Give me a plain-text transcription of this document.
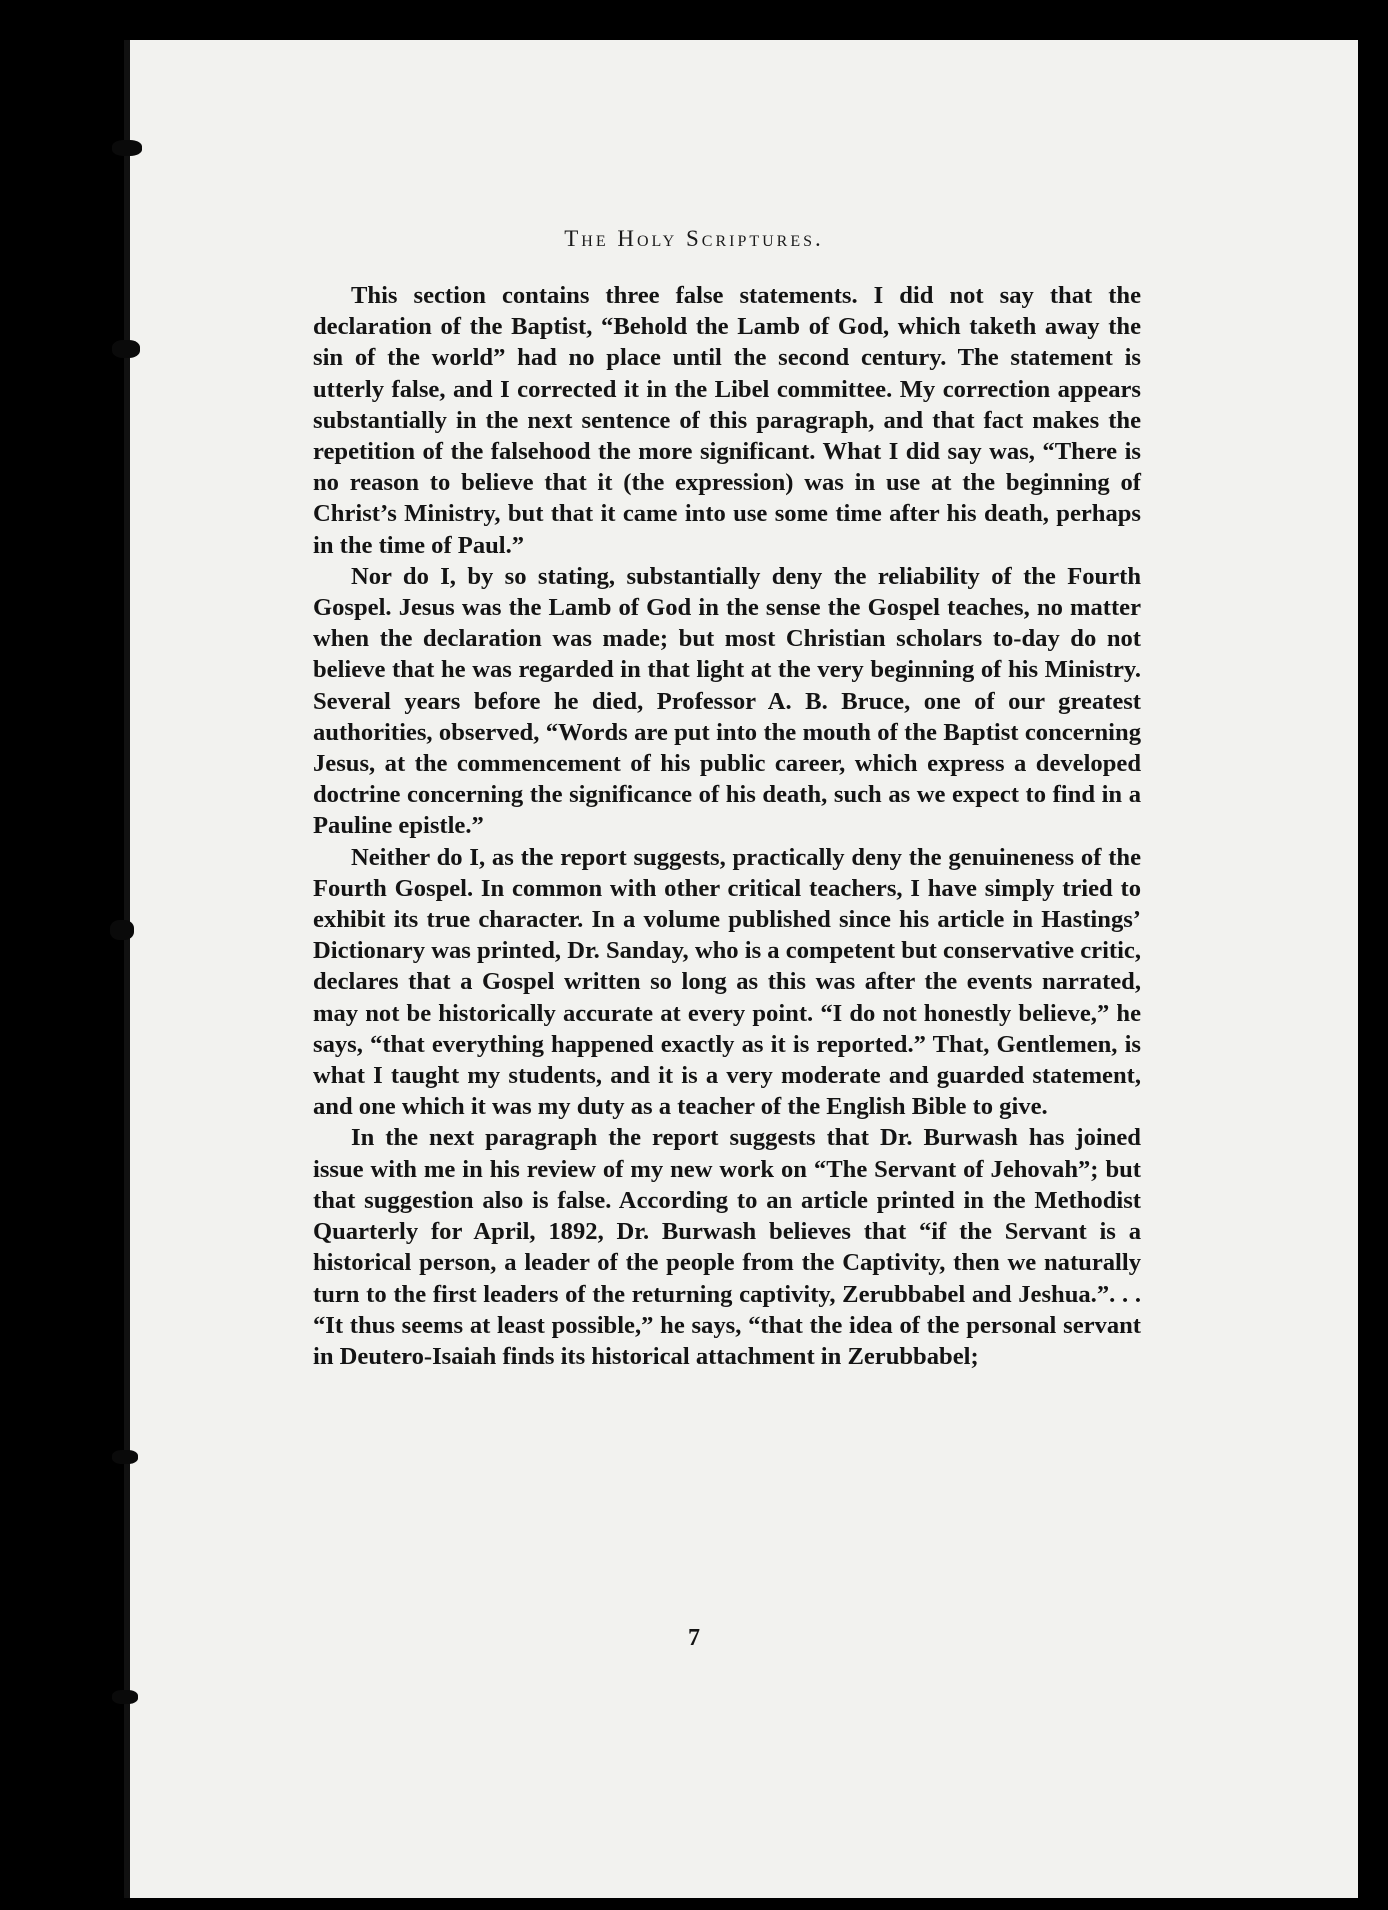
The Holy Scriptures.

This section contains three false statements. I did not say that the declaration of the Baptist, “Behold the Lamb of God, which taketh away the sin of the world” had no place until the second century. The statement is utterly false, and I corrected it in the Libel committee. My correction appears substantially in the next sentence of this paragraph, and that fact makes the repetition of the falsehood the more significant. What I did say was, “There is no reason to believe that it (the expression) was in use at the beginning of Christ’s Ministry, but that it came into use some time after his death, perhaps in the time of Paul.”

Nor do I, by so stating, substantially deny the reliability of the Fourth Gospel. Jesus was the Lamb of God in the sense the Gospel teaches, no matter when the declaration was made; but most Christian scholars to-day do not believe that he was regarded in that light at the very beginning of his Ministry. Several years before he died, Professor A. B. Bruce, one of our greatest authorities, observed, “Words are put into the mouth of the Baptist concerning Jesus, at the commencement of his public career, which express a developed doctrine concerning the significance of his death, such as we expect to find in a Pauline epistle.”

Neither do I, as the report suggests, practically deny the genuineness of the Fourth Gospel. In common with other critical teachers, I have simply tried to exhibit its true character. In a volume published since his article in Hastings’ Dictionary was printed, Dr. Sanday, who is a competent but conservative critic, declares that a Gospel written so long as this was after the events narrated, may not be historically accurate at every point. “I do not honestly believe,” he says, “that everything happened exactly as it is reported.” That, Gentlemen, is what I taught my students, and it is a very moderate and guarded statement, and one which it was my duty as a teacher of the English Bible to give.

In the next paragraph the report suggests that Dr. Burwash has joined issue with me in his review of my new work on “The Servant of Jehovah”; but that suggestion also is false. According to an article printed in the Methodist Quarterly for April, 1892, Dr. Burwash believes that “if the Servant is a historical person, a leader of the people from the Captivity, then we naturally turn to the first leaders of the returning captivity, Zerubbabel and Jeshua.”. . . “It thus seems at least possible,” he says, “that the idea of the personal servant in Deutero-Isaiah finds its historical attachment in Zerubbabel;

7
